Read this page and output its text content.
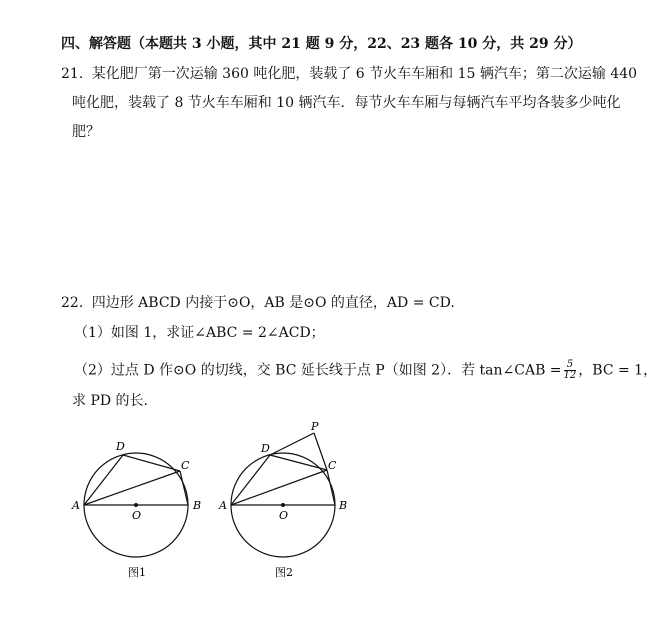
四、解答题（本题共 3 小题，其中 21 题 9 分，22、23 题各 10 分，共 29 分）
21. 某化肥厂第一次运输 360 吨化肥，装载了 6 节火车车厢和 15 辆汽车；第二次运输 440
吨化肥，装载了 8 节火车车厢和 10 辆汽车．每节火车车厢与每辆汽车平均各装多少吨化
肥？
22. 四边形 ABCD 内接于⊙O，AB 是⊙O 的直径，AD = CD.
（1）如图 1，求证∠ABC = 2∠ACD；
（2）过点 D 作⊙O 的切线，交 BC 延长线于点 P（如图 2）．若 tan∠CAB = $\frac{5}{12}$ ，BC = 1，
求 PD 的长.
A	B
C
D
O
图1
A	B
C
D
O
P
图2
